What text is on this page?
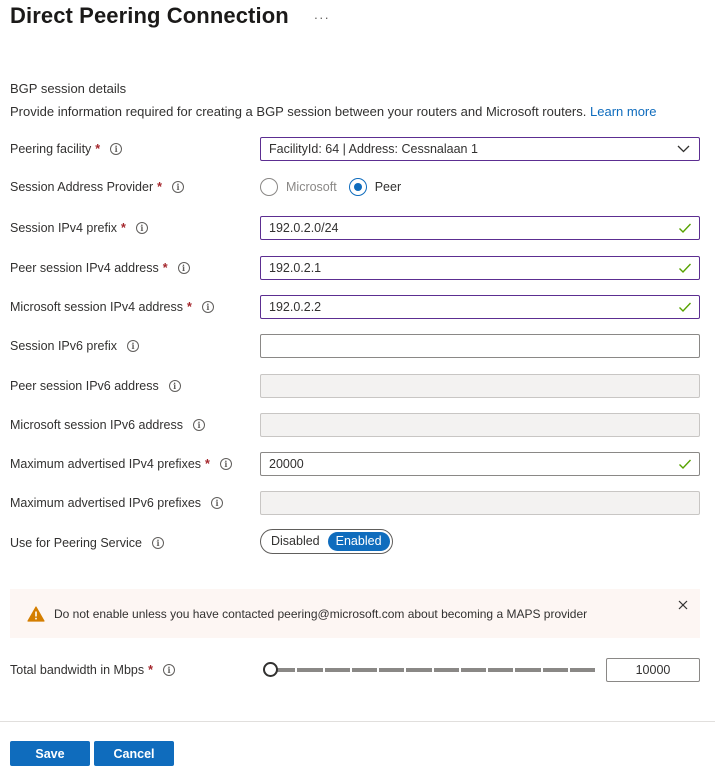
Direct Peering Connection ···
BGP session details
Provide information required for creating a BGP session between your routers and Microsoft routers. Learn more
Peering facility *	i	FacilityId: 64 | Address: Cessnalaan 1
Session Address Provider *	i	Microsoft	Peer
Session IPv4 prefix *	i	192.0.2.0/24
Peer session IPv4 address *	i	192.0.2.1
Microsoft session IPv4 address *	i	192.0.2.2
Session IPv6 prefix	i
Peer session IPv6 address	i
Microsoft session IPv6 address	i
Maximum advertised IPv4 prefixes *	i	20000
Maximum advertised IPv6 prefixes	i
Use for Peering Service	i	Disabled	Enabled
Do not enable unless you have contacted peering@microsoft.com about becoming a MAPS provider
Total bandwidth in Mbps *	i	10000
Save	Cancel
